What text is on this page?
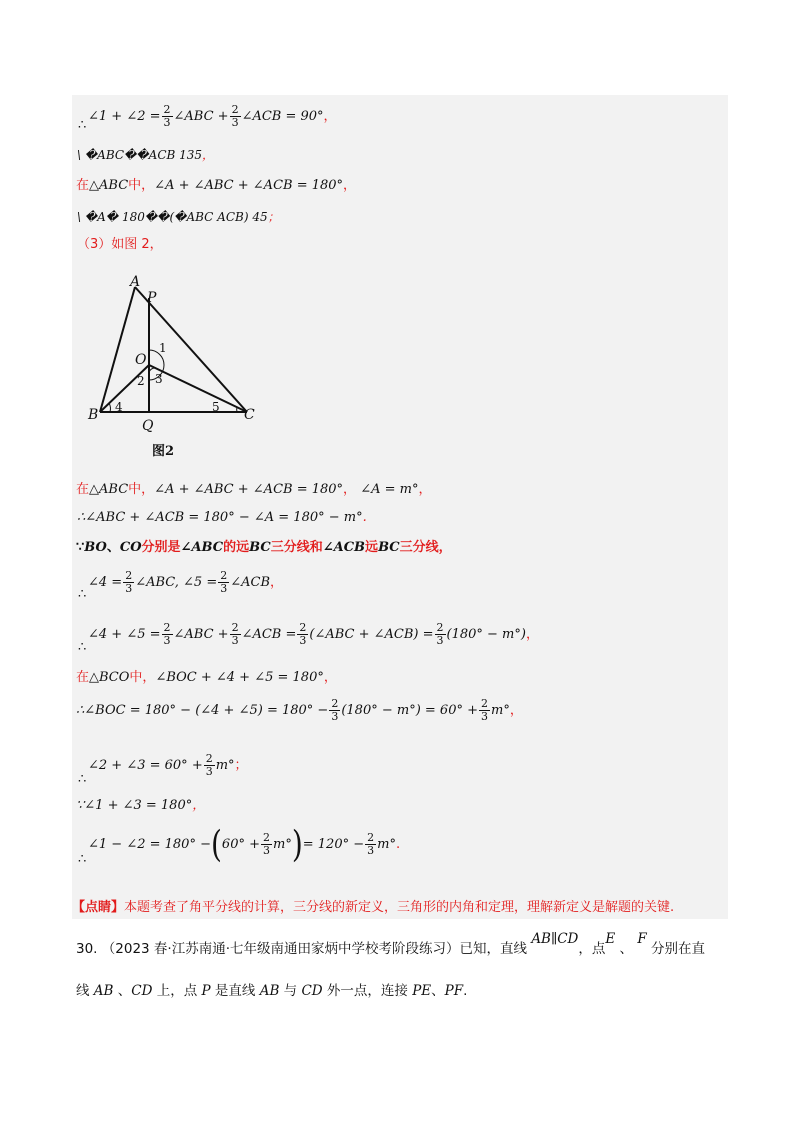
∴
∠1 + ∠2 = $\frac{2}{3}$ ∠ABC + $\frac{2}{3}$ ∠ACB = 90° ，
\ �ABC��ACB 135，
在△ABC中，∠A + ∠ABC + ∠ACB = 180°，
\ �A� 180��(�ABC ACB) 45；
（3）如图 2，
A
P
O
B	C
Q
1
2 3
4	5
图2
在△ABC中，∠A + ∠ABC + ∠ACB = 180°， ∠A = m°，
∴∠ABC + ∠ACB = 180° − ∠A = 180° − m°.
∵BO、CO分别是∠ABC的远BC三分线和∠ACB远BC三分线，
∴
∠4 = $\frac{2}{3}$ ∠ABC, ∠5 = $\frac{2}{3}$ ∠ACB ，
∴
∠4 + ∠5 = $\frac{2}{3}$ ∠ABC + $\frac{2}{3}$ ∠ACB = $\frac{2}{3}$ (∠ABC + ∠ACB) = $\frac{2}{3} (180^\circ - m^\circ)$ ，
在△BCO中，∠BOC + ∠4 + ∠5 = 180°，
∴∠BOC = 180° − (∠4 + ∠5) = $180^\circ - \frac{2}{3} (180^\circ - m^\circ) = 60^\circ + \frac{2}{3} m^\circ$ ，
∴
∠2 + ∠3 = $60^\circ + \frac{2}{3} m^\circ$ ；
∵∠1 + ∠3 = 180°，
∴
∠1 − ∠2 = 180° − ( $60^\circ + \frac{2}{3} m^\circ$ ) = $120^\circ - \frac{2}{3} m^\circ$ .
【点睛】本题考查了角平分线的计算，三分线的新定义，三角形的内角和定理，理解新定义是解题的关键.
30. （2023 春·江苏南通·七年级南通田家炳中学校考阶段练习）已知，直线 AB∥CD，点E 、 F 分别在直
线 AB 、CD 上，点 P 是直线 AB 与 CD 外一点，连接 PE、PF.
